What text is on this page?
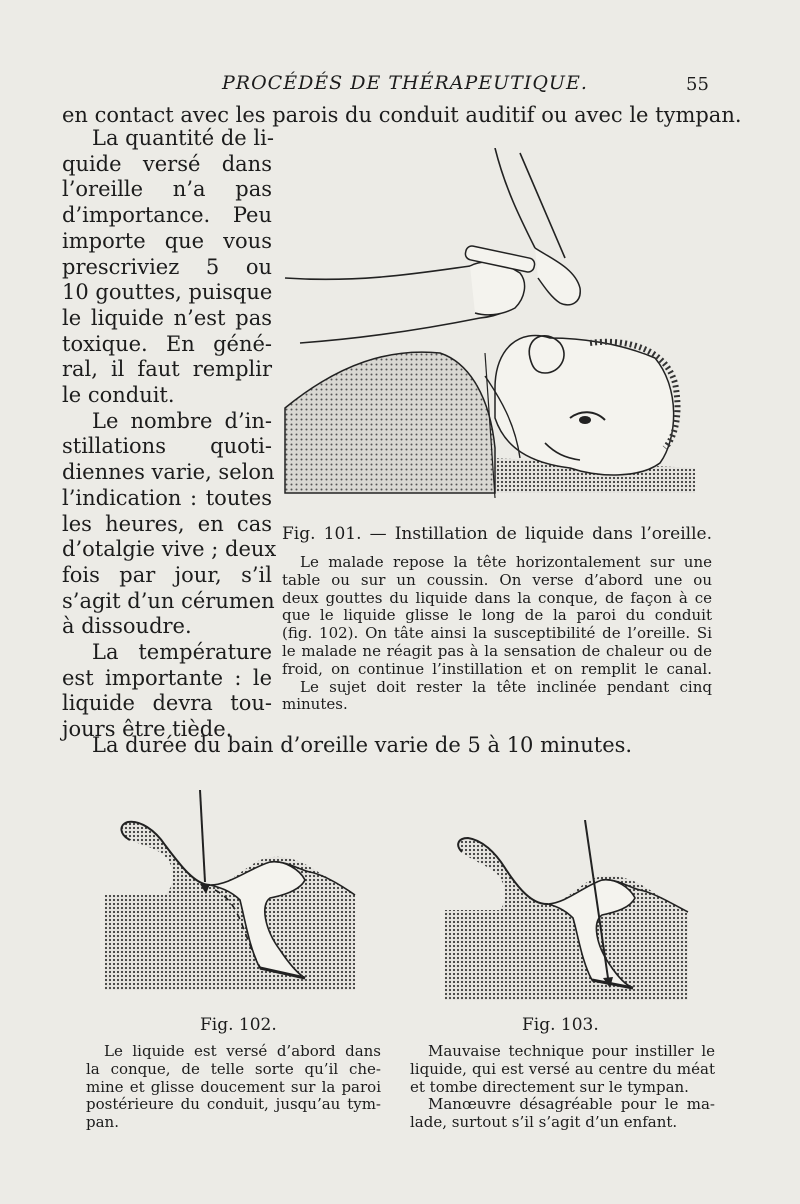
PROCÉDÉS DE THÉRAPEUTIQUE.	55
en contact avec les parois du conduit auditif ou avec le tympan.

La quantité de li-
quide versé dans
l’oreille n’a pas
d’importance. Peu
importe que vous
prescriviez 5 ou
10 gouttes, puisque
le liquide n’est pas
toxique. En géné-
ral, il faut remplir
le conduit.

Le nombre d’in-
stillations quoti-
diennes varie, selon
l’indication : toutes
les heures, en cas
d’otalgie vive ; deux
fois par jour, s’il
s’agit d’un cérumen
à dissoudre.

La température
est importante : le
liquide devra tou-
jours être tiède.

La durée du bain d’oreille varie de 5 à 10 minutes.
Fig. 101. — Instillation de liquide dans l’oreille.
Le malade repose la tête horizontalement sur une
table ou sur un coussin. On verse d’abord une ou
deux gouttes du liquide dans la conque, de façon à ce
que le liquide glisse le long de la paroi du conduit
(fig. 102). On tâte ainsi la susceptibilité de l’oreille. Si
le malade ne réagit pas à la sensation de chaleur ou de
froid, on continue l’instillation et on remplit le canal.
Le sujet doit rester la tête inclinée pendant cinq
minutes.
Fig. 102.
Le liquide est versé d’abord dans
la conque, de telle sorte qu’il che-
mine et glisse doucement sur la paroi
postérieure du conduit, jusqu’au tym-
pan.
Fig. 103.
Mauvaise technique pour instiller le
liquide, qui est versé au centre du méat
et tombe directement sur le tympan.
Manœuvre désagréable pour le ma-
lade, surtout s’il s’agit d’un enfant.
